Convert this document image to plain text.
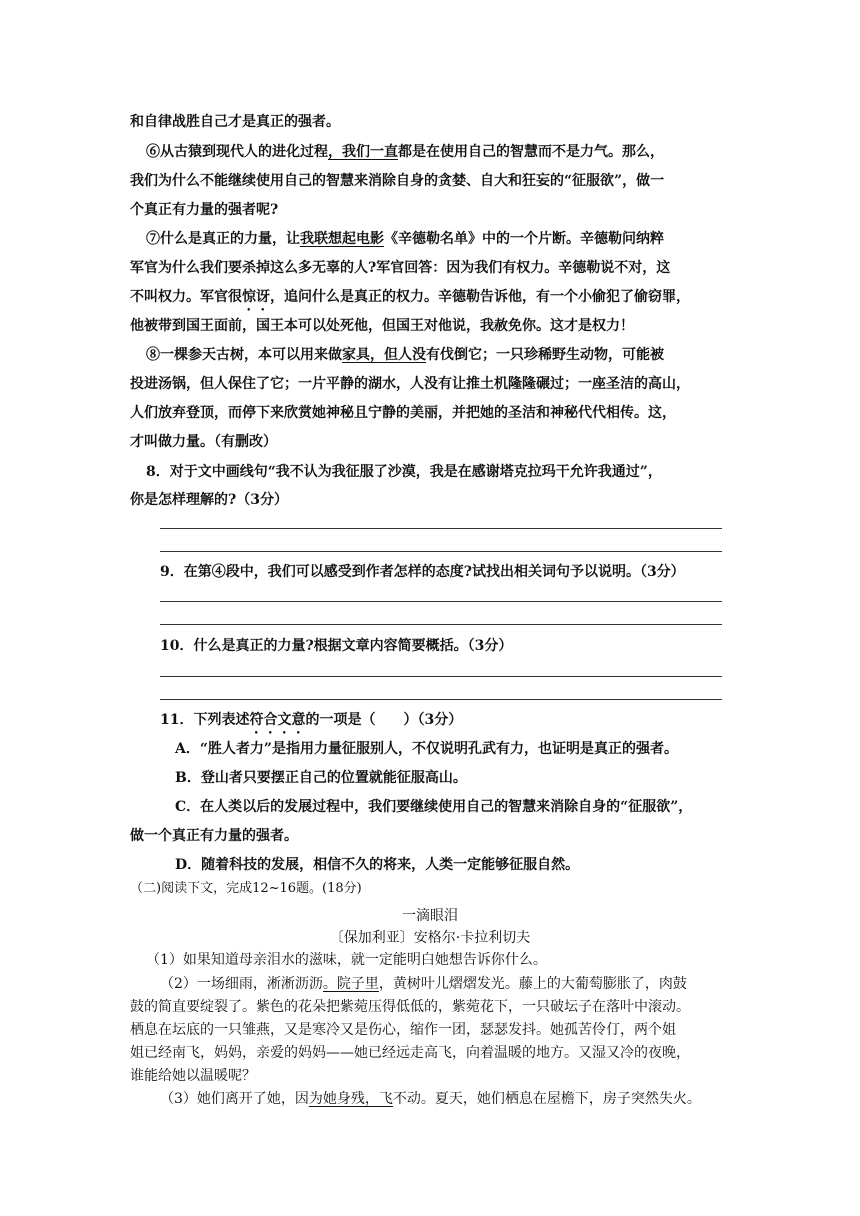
和自律战胜自己才是真正的强者。
⑥从古猿到现代人的进化过程，我们一直都是在使用自己的智慧而不是力气。那么，
我们为什么不能继续使用自己的智慧来消除自身的贪婪、自大和狂妄的“征服欲”，做一
个真正有力量的强者呢?
⑦什么是真正的力量，让我联想起电影《辛德勒名单》中的一个片断。辛德勒问纳粹
军官为什么我们要杀掉这么多无辜的人?军官回答：因为我们有权力。辛德勒说不对，这
不叫权力。军官很惊讶，追问什么是真正的权力。辛德勒告诉他，有一个小偷犯了偷窃罪，
他被带到国王面前，国王本可以处死他，但国王对他说，我赦免你。这才是权力！
⑧一棵参天古树，本可以用来做家具，但人没有伐倒它；一只珍稀野生动物，可能被
投进汤锅，但人保住了它；一片平静的湖水，人没有让推土机隆隆碾过；一座圣洁的高山，
人们放弃登顶，而停下来欣赏她神秘且宁静的美丽，并把她的圣洁和神秘代代相传。这，
才叫做力量。（有删改）
8．对于文中画线句“我不认为我征服了沙漠，我是在感谢塔克拉玛干允许我通过”，
你是怎样理解的?（3分）
9．在第④段中，我们可以感受到作者怎样的态度?试找出相关词句予以说明。（3分）
10．什么是真正的力量?根据文章内容简要概括。（3分）
11．下列表述符合文意的一项是（　　）（3分）
A．“胜人者力”是指用力量征服别人，不仅说明孔武有力，也证明是真正的强者。
B．登山者只要摆正自己的位置就能征服高山。
C．在人类以后的发展过程中，我们要继续使用自己的智慧来消除自身的“征服欲”，
做一个真正有力量的强者。
D．随着科技的发展，相信不久的将来，人类一定能够征服自然。
（二)阅读下文，完成12~16题。(18分)
一滴眼泪
〔保加利亚〕安格尔·卡拉利切夫
（1）如果知道母亲泪水的滋味，就一定能明白她想告诉你什么。
（2）一场细雨，淅淅沥沥。院子里，黄树叶儿熠熠发光。藤上的大葡萄膨胀了，肉鼓
鼓的简直要绽裂了。紫色的花朵把紫菀压得低低的，紫菀花下，一只破坛子在落叶中滚动。
栖息在坛底的一只雏燕，又是寒冷又是伤心，缩作一团，瑟瑟发抖。她孤苦伶仃，两个姐
姐已经南飞，妈妈，亲爱的妈妈——她已经远走高飞，向着温暖的地方。又湿又冷的夜晚，
谁能给她以温暖呢？
（3）她们离开了她，因为她身残，飞不动。夏天，她们栖息在屋檐下，房子突然失火。
